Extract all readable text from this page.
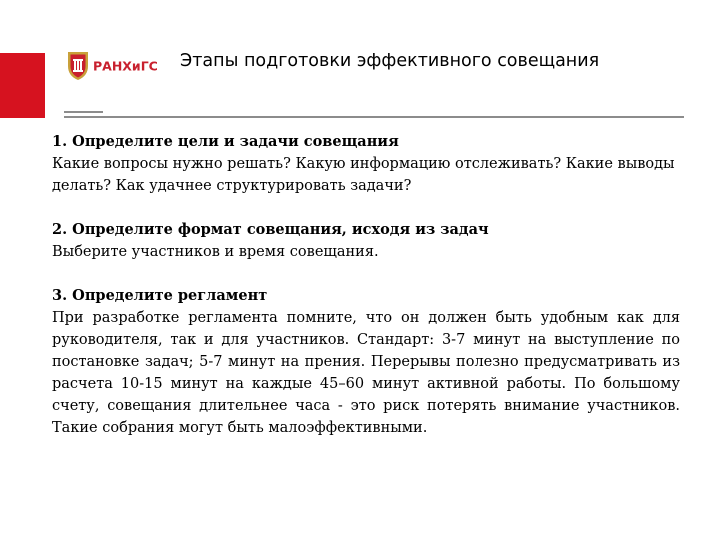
РАНХиГС Этапы подготовки эффективного совещания
1. Определите цели и задачи совещания
Какие вопросы нужно решать? Какую информацию отслеживать? Какие выводы делать? Как удачнее структурировать задачи?
2. Определите формат совещания, исходя из задач
Выберите участников и время совещания.
3. Определите регламент
При разработке регламента помните, что он должен быть удобным как для руководителя, так и для участников. Стандарт: 3-7 минут на выступление по постановке задач; 5-7 минут на прения. Перерывы полезно предусматривать из расчета 10-15 минут на каждые 45–60 минут активной работы. По большому счету, совещания длительнее часа - это риск потерять внимание участников. Такие собрания могут быть малоэффективными.
